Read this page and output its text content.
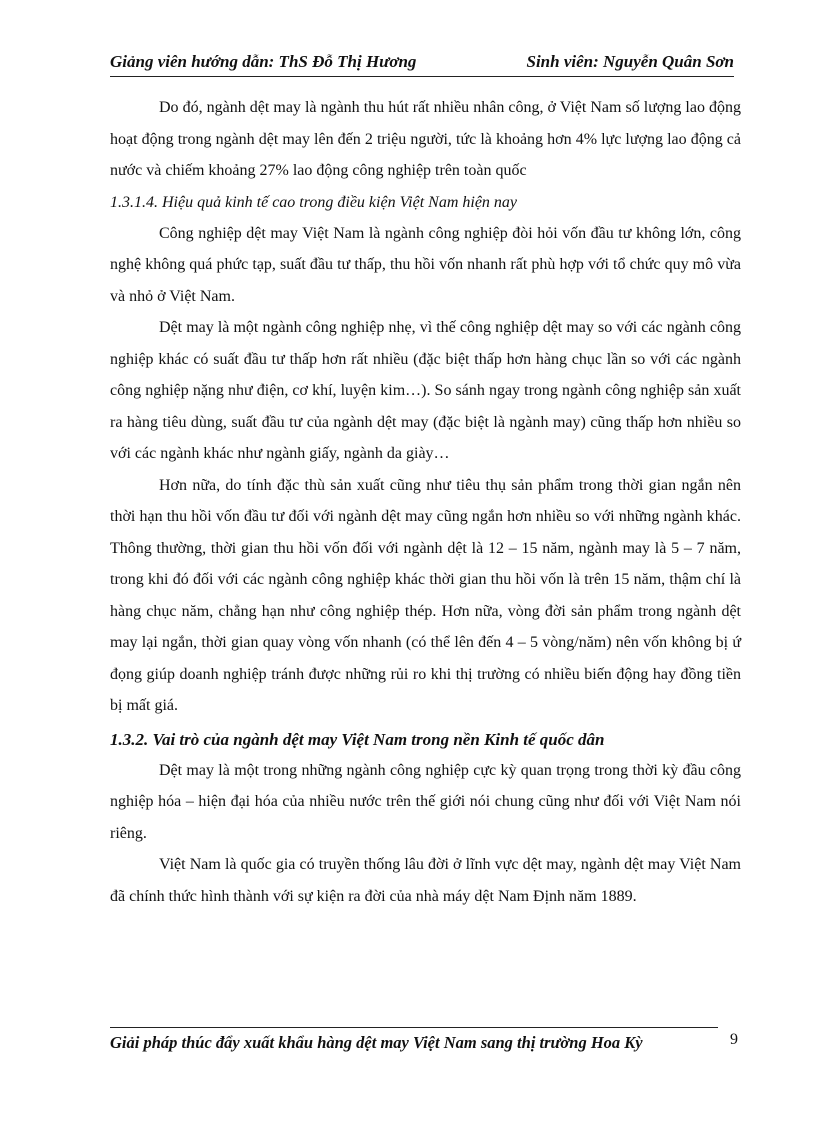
Giảng viên hướng dẫn: ThS Đỗ Thị Hương	Sinh viên: Nguyễn Quân Sơn

Do đó, ngành dệt may là ngành thu hút rất nhiều nhân công, ở Việt Nam số lượng lao động hoạt động trong ngành dệt may lên đến 2 triệu người, tức là khoảng hơn 4% lực lượng lao động cả nước và chiếm khoảng 27% lao động công nghiệp trên toàn quốc

1.3.1.4. Hiệu quả kinh tế cao trong điều kiện Việt Nam hiện nay

Công nghiệp dệt may Việt Nam là ngành công nghiệp đòi hỏi vốn đầu tư không lớn, công nghệ không quá phức tạp, suất đầu tư thấp, thu hồi vốn nhanh rất phù hợp với tổ chức quy mô vừa và nhỏ ở Việt Nam.

Dệt may là một ngành công nghiệp nhẹ, vì thế công nghiệp dệt may so với các ngành công nghiệp khác có suất đầu tư thấp hơn rất nhiều (đặc biệt thấp hơn hàng chục lần so với các ngành công nghiệp nặng như điện, cơ khí, luyện kim…). So sánh ngay trong ngành công nghiệp sản xuất ra hàng tiêu dùng, suất đầu tư của ngành dệt may (đặc biệt là ngành may) cũng thấp hơn nhiều so với các ngành khác như ngành giấy, ngành da giày…

Hơn nữa, do tính đặc thù sản xuất cũng như tiêu thụ sản phẩm trong thời gian ngắn nên thời hạn thu hồi vốn đầu tư đối với ngành dệt may cũng ngắn hơn nhiều so với những ngành khác. Thông thường, thời gian thu hồi vốn đối với ngành dệt là 12 – 15 năm, ngành may là 5 – 7 năm, trong khi đó đối với các ngành công nghiệp khác thời gian thu hồi vốn là trên 15 năm, thậm chí là hàng chục năm, chẳng hạn như công nghiệp thép. Hơn nữa, vòng đời sản phẩm trong ngành dệt may lại ngắn, thời gian quay vòng vốn nhanh (có thể lên đến 4 – 5 vòng/năm) nên vốn không bị ứ đọng giúp doanh nghiệp tránh được những rủi ro khi thị trường có nhiều biến động hay đồng tiền bị mất giá.

1.3.2. Vai trò của ngành dệt may Việt Nam trong nền Kinh tế quốc dân

Dệt may là một trong những ngành công nghiệp cực kỳ quan trọng trong thời kỳ đầu công nghiệp hóa – hiện đại hóa của nhiều nước trên thế giới nói chung cũng như đối với Việt Nam nói riêng.

Việt Nam là quốc gia có truyền thống lâu đời ở lĩnh vực dệt may, ngành dệt may Việt Nam đã chính thức hình thành với sự kiện ra đời của nhà máy dệt Nam Định năm 1889.

Giải pháp thúc đẩy xuất khẩu hàng dệt may Việt Nam sang thị trường Hoa Kỳ	9
